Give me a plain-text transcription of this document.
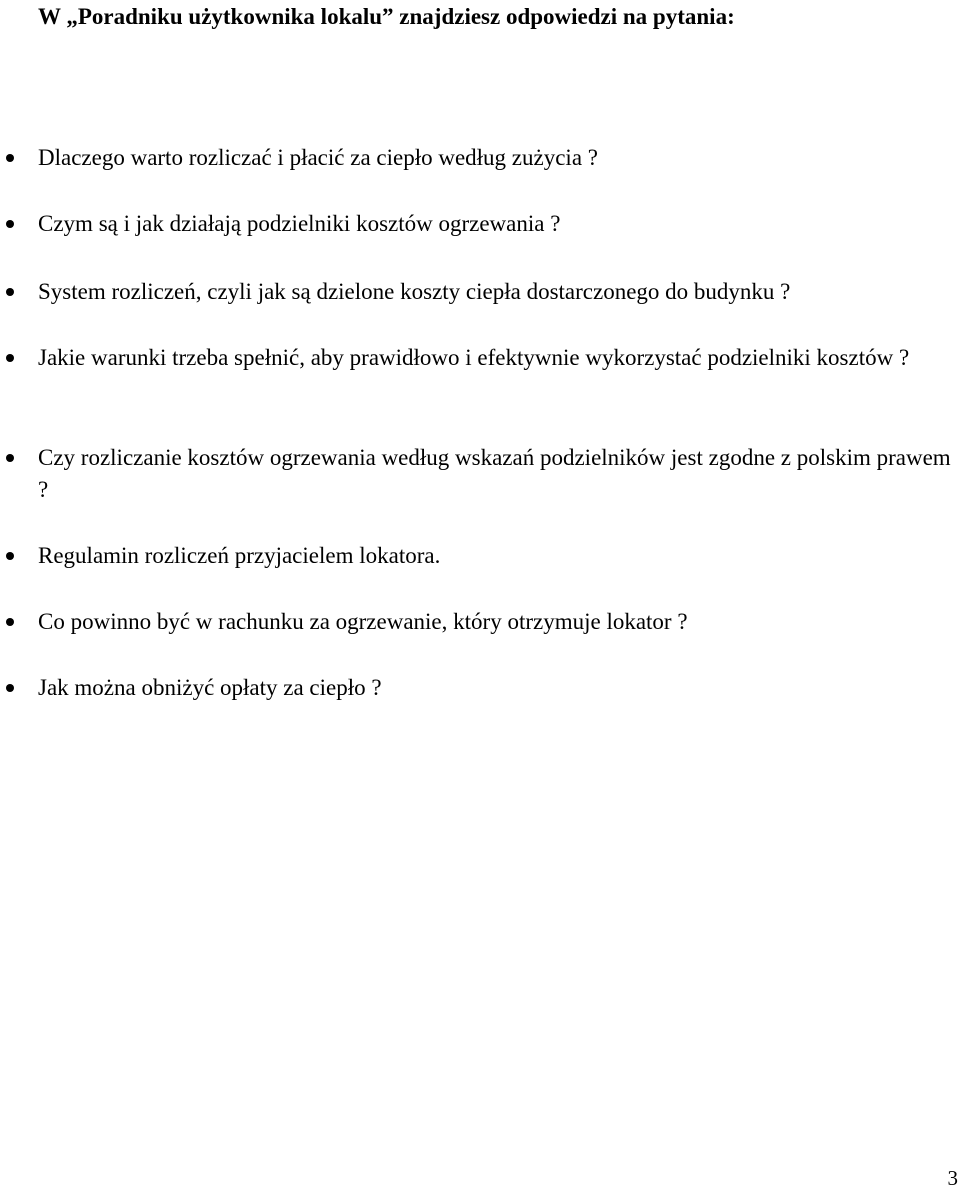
W „Poradniku użytkownika lokalu” znajdziesz odpowiedzi na pytania:
Dlaczego warto rozliczać i płacić za ciepło według zużycia ?
Czym są i jak działają podzielniki kosztów ogrzewania ?
System rozliczeń, czyli jak są dzielone koszty ciepła dostarczonego do budynku ?
Jakie warunki trzeba spełnić, aby prawidłowo i efektywnie wykorzystać podzielniki kosztów ?
Czy rozliczanie kosztów ogrzewania według wskazań podzielników jest zgodne z polskim prawem ?
Regulamin rozliczeń przyjacielem lokatora.
Co powinno być w rachunku za ogrzewanie, który otrzymuje lokator ?
Jak można obniżyć opłaty za ciepło ?
3
